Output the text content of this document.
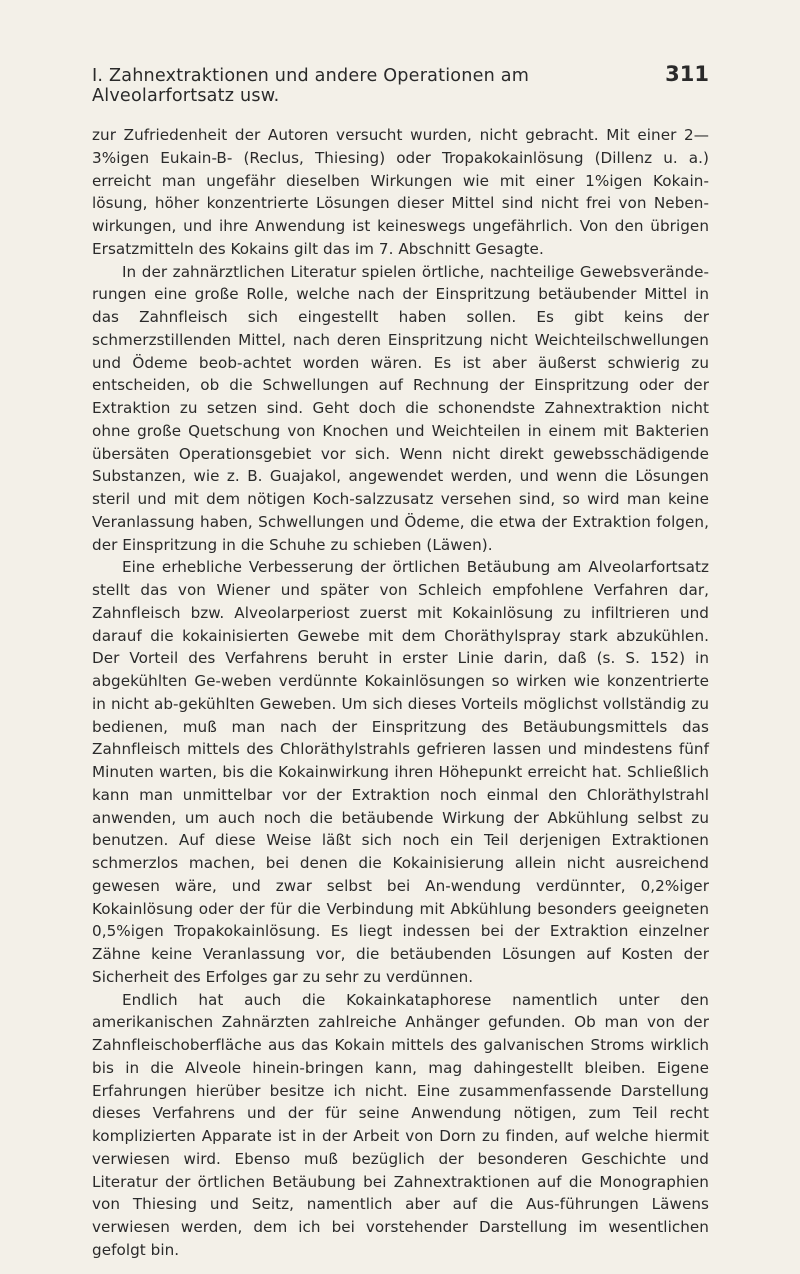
I. Zahnextraktionen und andere Operationen am Alveolarfortsatz usw.
311

zur Zufriedenheit der Autoren versucht wurden, nicht gebracht. Mit einer 2—3%igen Eukain-B- (Reclus, Thiesing) oder Tropakokainlösung (Dillenz u. a.) erreicht man ungefähr dieselben Wirkungen wie mit einer 1%igen Kokain-lösung, höher konzentrierte Lösungen dieser Mittel sind nicht frei von Neben-wirkungen, und ihre Anwendung ist keineswegs ungefährlich. Von den übrigen Ersatzmitteln des Kokains gilt das im 7. Abschnitt Gesagte.

In der zahnärztlichen Literatur spielen örtliche, nachteilige Gewebsverände-rungen eine große Rolle, welche nach der Einspritzung betäubender Mittel in das Zahnfleisch sich eingestellt haben sollen. Es gibt keins der schmerzstillenden Mittel, nach deren Einspritzung nicht Weichteilschwellungen und Ödeme beob-achtet worden wären. Es ist aber äußerst schwierig zu entscheiden, ob die Schwellungen auf Rechnung der Einspritzung oder der Extraktion zu setzen sind. Geht doch die schonendste Zahnextraktion nicht ohne große Quetschung von Knochen und Weichteilen in einem mit Bakterien übersäten Operationsgebiet vor sich. Wenn nicht direkt gewebsschädigende Substanzen, wie z. B. Guajakol, angewendet werden, und wenn die Lösungen steril und mit dem nötigen Koch-salzzusatz versehen sind, so wird man keine Veranlassung haben, Schwellungen und Ödeme, die etwa der Extraktion folgen, der Einspritzung in die Schuhe zu schieben (Läwen).

Eine erhebliche Verbesserung der örtlichen Betäubung am Alveolarfortsatz stellt das von Wiener und später von Schleich empfohlene Verfahren dar, Zahnfleisch bzw. Alveolarperiost zuerst mit Kokainlösung zu infiltrieren und darauf die kokainisierten Gewebe mit dem Choräthylspray stark abzukühlen. Der Vorteil des Verfahrens beruht in erster Linie darin, daß (s. S. 152) in abgekühlten Ge-weben verdünnte Kokainlösungen so wirken wie konzentrierte in nicht ab-gekühlten Geweben. Um sich dieses Vorteils möglichst vollständig zu bedienen, muß man nach der Einspritzung des Betäubungsmittels das Zahnfleisch mittels des Chloräthylstrahls gefrieren lassen und mindestens fünf Minuten warten, bis die Kokainwirkung ihren Höhepunkt erreicht hat. Schließlich kann man unmittelbar vor der Extraktion noch einmal den Chloräthylstrahl anwenden, um auch noch die betäubende Wirkung der Abkühlung selbst zu benutzen. Auf diese Weise läßt sich noch ein Teil derjenigen Extraktionen schmerzlos machen, bei denen die Kokainisierung allein nicht ausreichend gewesen wäre, und zwar selbst bei An-wendung verdünnter, 0,2%iger Kokainlösung oder der für die Verbindung mit Abkühlung besonders geeigneten 0,5%igen Tropakokainlösung. Es liegt indessen bei der Extraktion einzelner Zähne keine Veranlassung vor, die betäubenden Lösungen auf Kosten der Sicherheit des Erfolges gar zu sehr zu verdünnen.

Endlich hat auch die Kokainkataphorese namentlich unter den amerikanischen Zahnärzten zahlreiche Anhänger gefunden. Ob man von der Zahnfleischoberfläche aus das Kokain mittels des galvanischen Stroms wirklich bis in die Alveole hinein-bringen kann, mag dahingestellt bleiben. Eigene Erfahrungen hierüber besitze ich nicht. Eine zusammenfassende Darstellung dieses Verfahrens und der für seine Anwendung nötigen, zum Teil recht komplizierten Apparate ist in der Arbeit von Dorn zu finden, auf welche hiermit verwiesen wird. Ebenso muß bezüglich der besonderen Geschichte und Literatur der örtlichen Betäubung bei Zahnextraktionen auf die Monographien von Thiesing und Seitz, namentlich aber auf die Aus-führungen Läwens verwiesen werden, dem ich bei vorstehender Darstellung im wesentlichen gefolgt bin.
